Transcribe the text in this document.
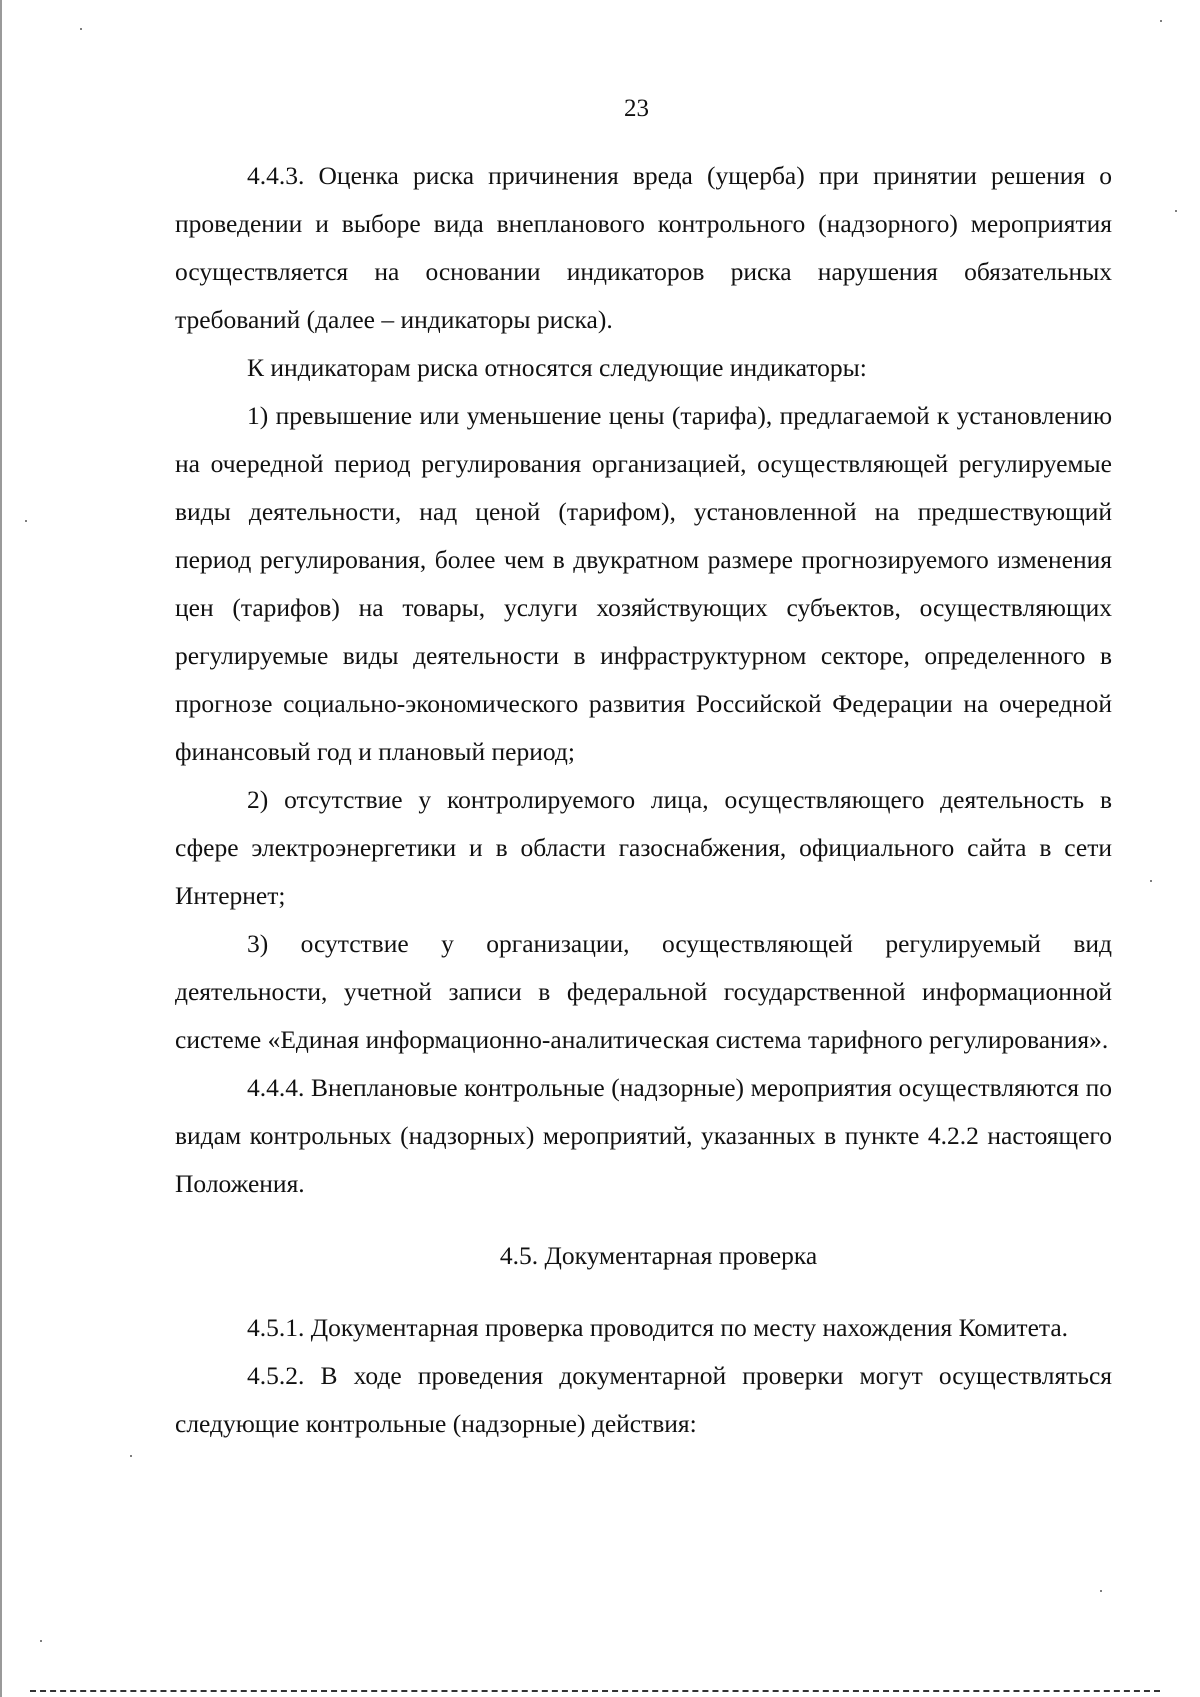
23

4.4.3. Оценка риска причинения вреда (ущерба) при принятии решения о проведении и выборе вида внепланового контрольного (надзорного) мероприятия осуществляется на основании индикаторов риска нарушения обязательных требований (далее – индикаторы риска).

К индикаторам риска относятся следующие индикаторы:

1) превышение или уменьшение цены (тарифа), предлагаемой к установлению на очередной период регулирования организацией, осуществляющей регулируемые виды деятельности, над ценой (тарифом), установленной на предшествующий период регулирования, более чем в двукратном размере прогнозируемого изменения цен (тарифов) на товары, услуги хозяйствующих субъектов, осуществляющих регулируемые виды деятельности в инфраструктурном секторе, определенного в прогнозе социально-экономического развития Российской Федерации на очередной финансовый год и плановый период;

2) отсутствие у контролируемого лица, осуществляющего деятельность в сфере электроэнергетики и в области газоснабжения, официального сайта в сети Интернет;

3) осутствие у организации, осуществляющей регулируемый вид деятельности, учетной записи в федеральной государственной информационной системе «Единая информационно-аналитическая система тарифного регулирования».

4.4.4. Внеплановые контрольные (надзорные) мероприятия осуществляются по видам контрольных (надзорных) мероприятий, указанных в пункте 4.2.2 настоящего Положения.

4.5. Документарная проверка

4.5.1. Документарная проверка проводится по месту нахождения Комитета.

4.5.2. В ходе проведения документарной проверки могут осуществляться следующие контрольные (надзорные) действия:
